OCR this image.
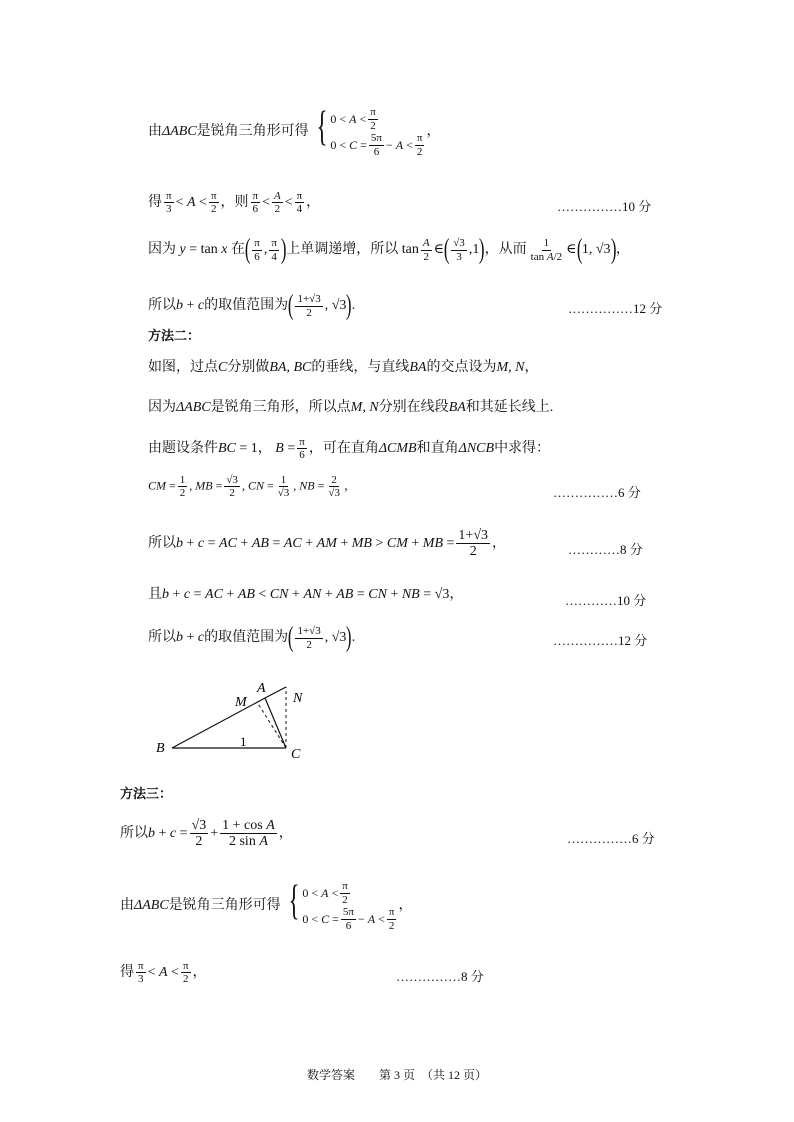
由ΔABC是锐角三角形可得 { 0 < A < π
2
0 < C = 5π
6 − A < π
2
，
得 $\frac{\pi}{3} < A < \frac{\pi}{2}$ ，则 $\frac{\pi}{6} < \frac{A}{2} < \frac{\pi}{4}$ ，	……………10 分
因为 y = tan x 在( $\frac{\pi}{6}$ , $\frac{\pi}{4}$ )上单调递增，所以 $\tan \frac{A}{2}$ ∈( $\frac{√3}{3} ,1$)，从而 $\frac{1}{\text{tan A/2}}$ ∈(1, √3)，
所以b + c的取值范围为( $\frac{1+√3}{2}$ , √3).	……………12 分
方法二：
如图，过点C分别做BA, BC的垂线，与直线BA的交点设为M, N，
因为ΔABC是锐角三角形，所以点M, N分别在线段BA和其延长线上.
由题设条件BC = 1， $B = \frac{\pi}{6}$ ，可在直角ΔCMB和直角ΔNCB中求得：
CM = $\frac{1}{2}$ , MB = $\frac{√3}{2}$ , CN = $\frac{1}{√3}$ , NB = $\frac{2}{√3}$ ，	……………6 分
所以b + c = AC + AB = AC + AM + MB > CM + MB = $\frac{1+√3}{2}$ ，	…………8 分
且b + c = AC + AB < CN + AN + AB = CN + NB = √3，	…………10 分
所以b + c的取值范围为( $\frac{1+√3}{2}$ , √3).	……………12 分
B	C
A
M	N
1
方法三：
所以$b + c = \frac{√3}{2} + \frac{\text{1 + cos A}}{\text{2 sin A}}$ ，	……………6 分
由ΔABC是锐角三角形可得 { 0 < A < π
2
0 < C = 5π
6 − A < π
2
，
得 $\frac{\pi}{3} < A < \frac{\pi}{2}$ ，	……………8 分
数学答案　　第 3 页　（共 12 页）
